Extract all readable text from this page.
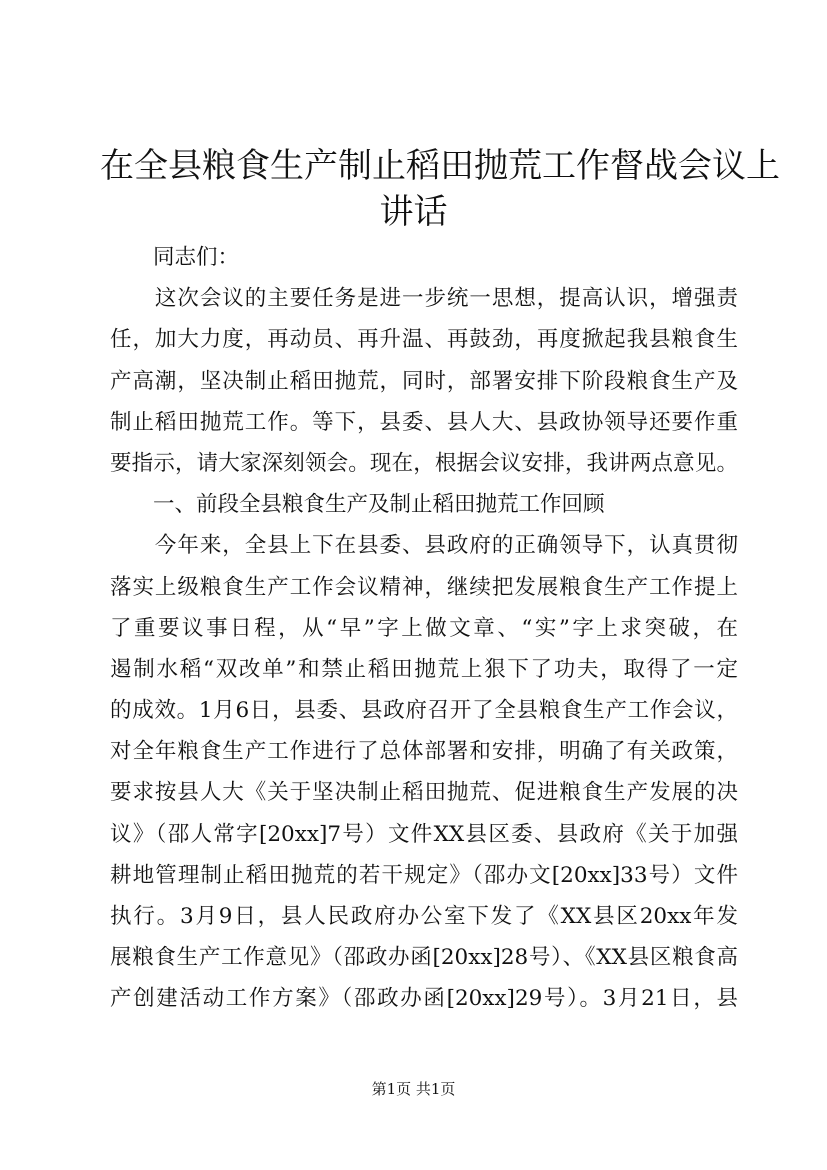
在全县粮食生产制止稻田抛荒工作督战会议上
讲话
　　同志们：
　　这次会议的主要任务是进一步统一思想，提高认识，增强责
任，加大力度，再动员、再升温、再鼓劲，再度掀起我县粮食生
产高潮，坚决制止稻田抛荒，同时，部署安排下阶段粮食生产及
制止稻田抛荒工作。等下，县委、县人大、县政协领导还要作重
要指示，请大家深刻领会。现在，根据会议安排，我讲两点意见。
　　一、前段全县粮食生产及制止稻田抛荒工作回顾
　　今年来，全县上下在县委、县政府的正确领导下，认真贯彻
落实上级粮食生产工作会议精神，继续把发展粮食生产工作提上
了重要议事日程，从“早”字上做文章、“实”字上求突破，在
遏制水稻“双改单”和禁止稻田抛荒上狠下了功夫，取得了一定
的成效。1月6日，县委、县政府召开了全县粮食生产工作会议，
对全年粮食生产工作进行了总体部署和安排，明确了有关政策，
要求按县人大《关于坚决制止稻田抛荒、促进粮食生产发展的决
议》（邵人常字[20xx]7号）文件XX县区委、县政府《关于加强
耕地管理制止稻田抛荒的若干规定》（邵办文[20xx]33号）文件
执行。3月9日，县人民政府办公室下发了《XX县区20xx年发
展粮食生产工作意见》（邵政办函[20xx]28号）、《XX县区粮食高
产创建活动工作方案》（邵政办函[20xx]29号）。3月21日，县
第1页 共1页
